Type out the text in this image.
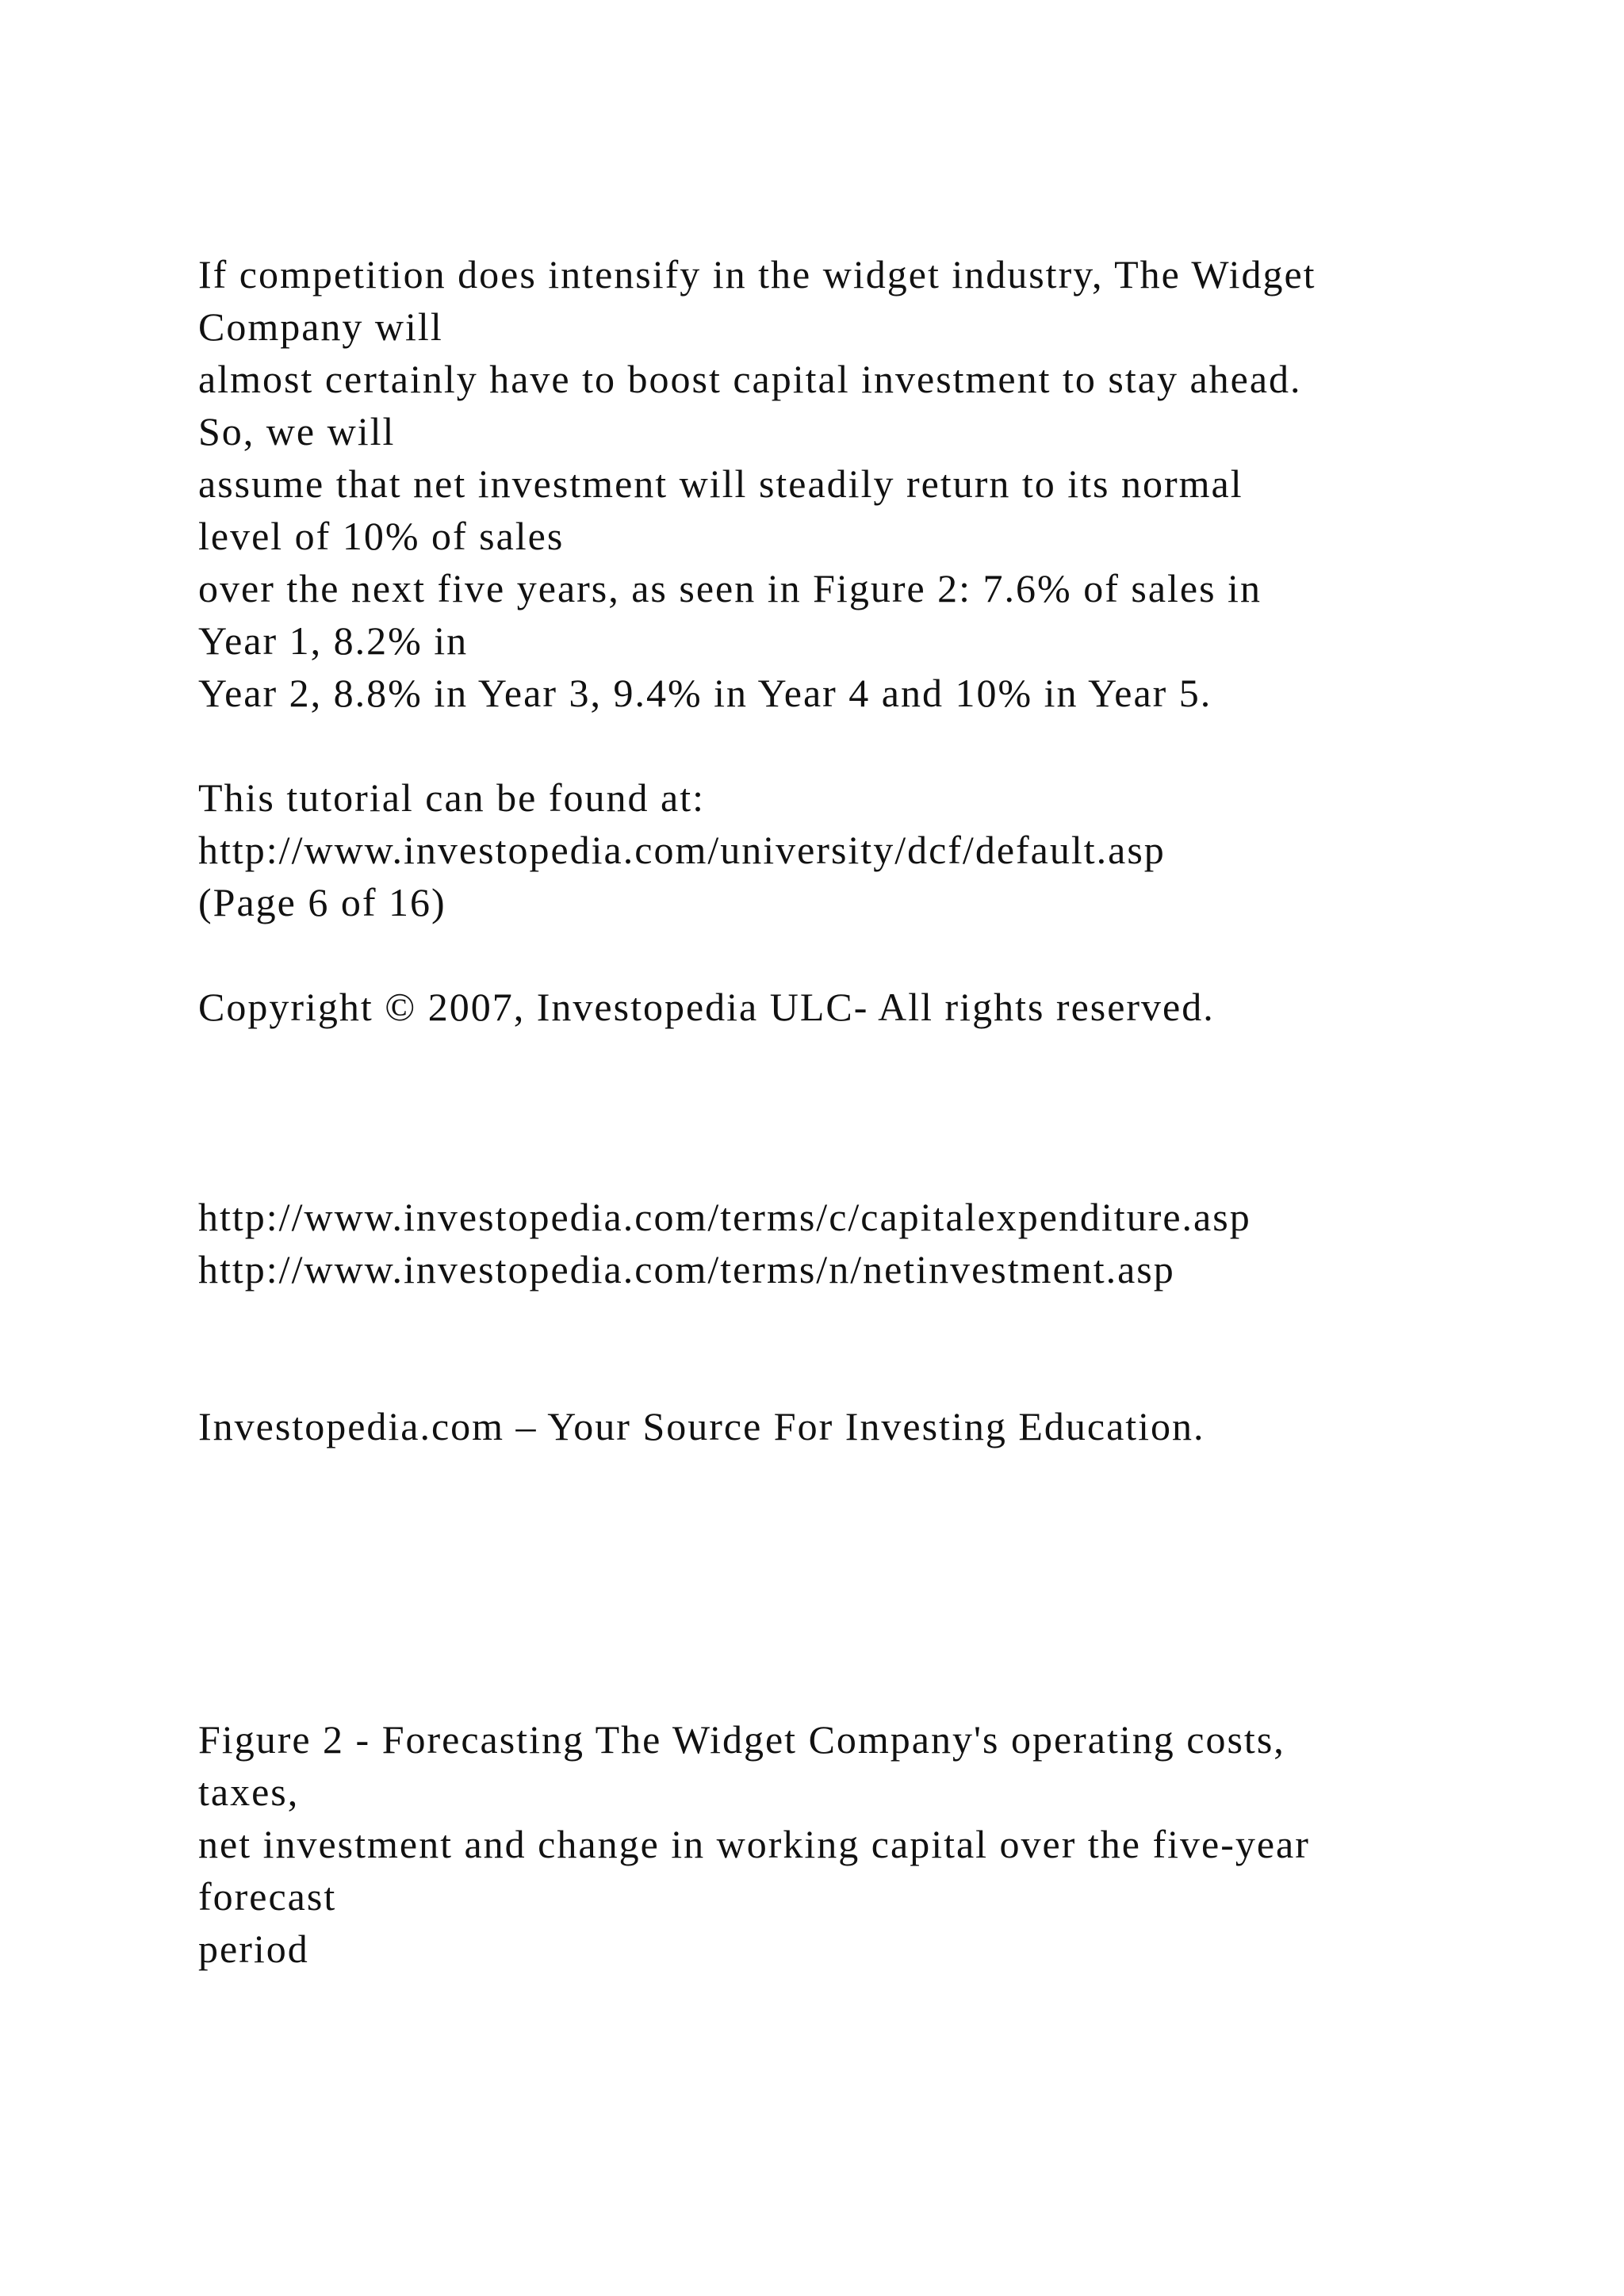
If competition does intensify in the widget industry, The Widget
Company will
almost certainly have to boost capital investment to stay ahead.
So, we will
assume that net investment will steadily return to its normal
level of 10% of sales
over the next five years, as seen in Figure 2: 7.6% of sales in
Year 1, 8.2% in
Year 2, 8.8% in Year 3, 9.4% in Year 4 and 10% in Year 5.
This tutorial can be found at:
http://www.investopedia.com/university/dcf/default.asp
(Page 6 of 16)
Copyright © 2007, Investopedia ULC- All rights reserved.
http://www.investopedia.com/terms/c/capitalexpenditure.asp
http://www.investopedia.com/terms/n/netinvestment.asp
Investopedia.com – Your Source For Investing Education.
Figure 2 - Forecasting The Widget Company's operating costs,
taxes,
net investment and change in working capital over the five-year
forecast
period
